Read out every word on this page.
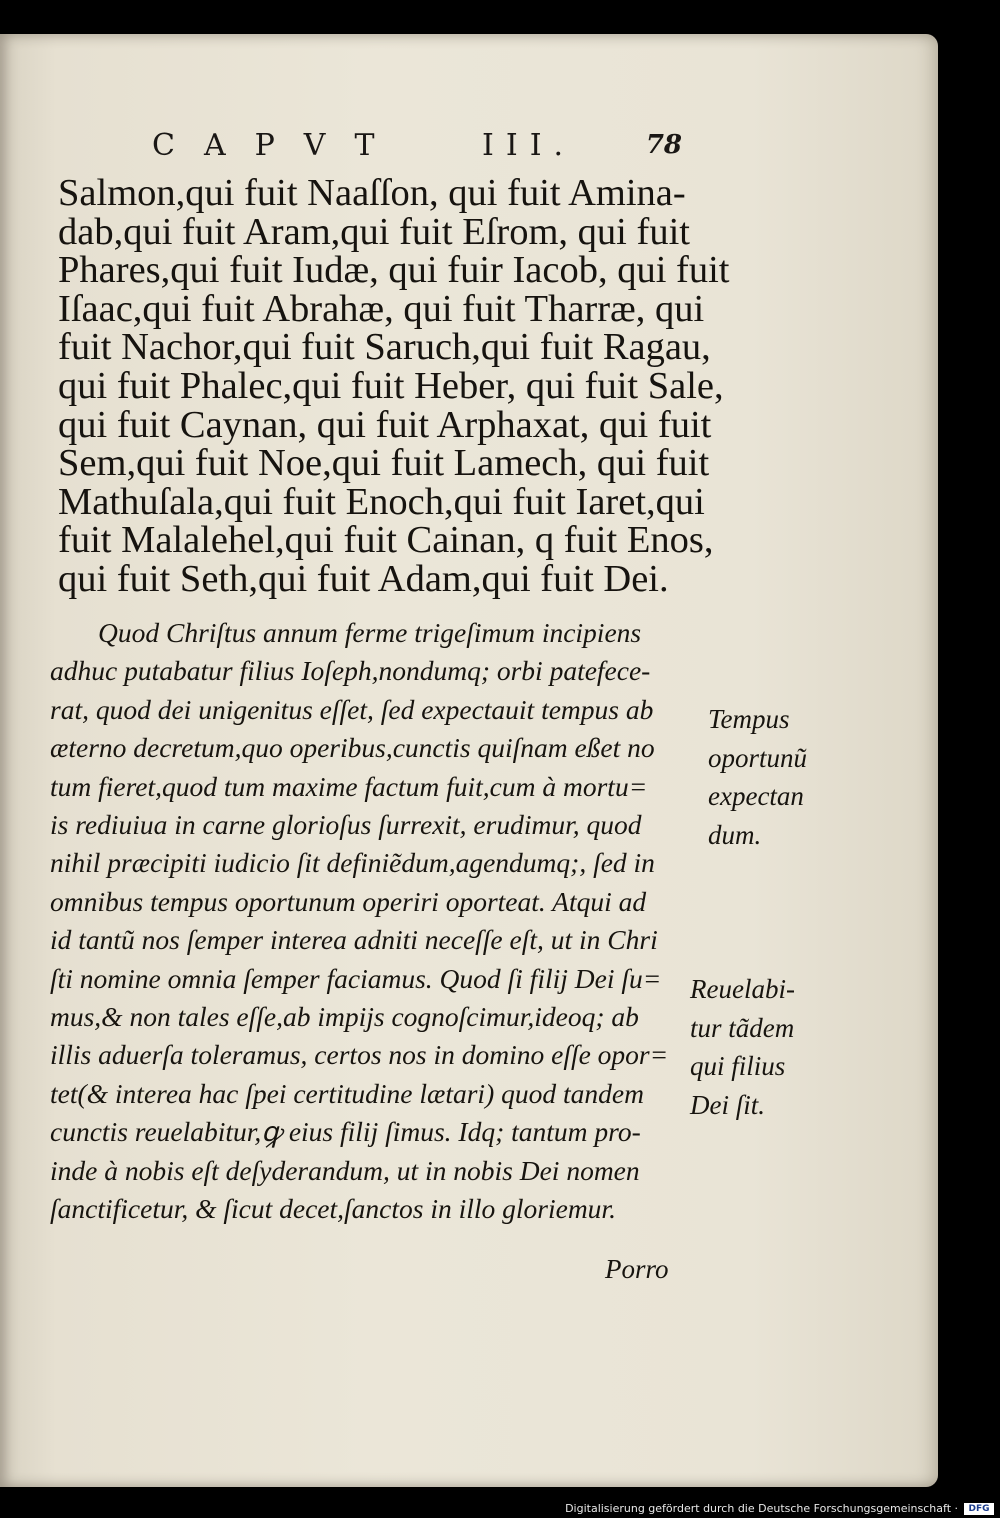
CAPVT	III.	78
Salmon,qui fuit Naaſſon, qui fuit Amina-
dab,qui fuit Aram,qui fuit Eſrom, qui fuit
Phares,qui fuit Iudæ, qui fuir Iacob, qui fuit
Iſaac,qui fuit Abrahæ, qui fuit Tharræ, qui
fuit Nachor,qui fuit Saruch,qui fuit Ragau,
qui fuit Phalec,qui fuit Heber, qui fuit Sale,
qui fuit Caynan, qui fuit Arphaxat, qui fuit
Sem,qui fuit Noe,qui fuit Lamech, qui fuit
Mathuſala,qui fuit Enoch,qui fuit Iaret,qui
fuit Malalehel,qui fuit Cainan, q fuit Enos,
qui fuit Seth,qui fuit Adam,qui fuit Dei.
Quod Chriſtus annum ferme trigeſimum incipiens
adhuc putabatur filius Ioſeph,nondumq; orbi patefece-
rat, quod dei unigenitus eſſet, ſed expectauit tempus ab
æterno decretum,quo operibus,cunctis quiſnam eßet no
tum fieret,quod tum maxime factum fuit,cum à mortu=
is rediuiua in carne glorioſus ſurrexit, erudimur, quod
nihil præcipiti iudicio ſit definiẽdum,agendumq;, ſed in
omnibus tempus oportunum operiri oporteat. Atqui ad
id tantũ nos ſemper interea adniti neceſſe eſt, ut in Chri
ſti nomine omnia ſemper faciamus. Quod ſi filij Dei ſu=
mus,& non tales eſſe,ab impijs cognoſcimur,ideoq; ab
illis aduerſa toleramus, certos nos in domino eſſe opor=
tet(& interea hac ſpei certitudine lætari) quod tandem
cunctis reuelabitur,ꝙ eius filij ſimus. Idq; tantum pro-
inde à nobis eſt deſyderandum, ut in nobis Dei nomen
ſanctificetur, & ſicut decet,ſanctos in illo gloriemur.
Tempus
oportunũ
expectan
dum.
Reuelabi-
tur tãdem
qui filius
Dei ſit.
Porro
Digitalisierung gefördert durch die Deutsche Forschungsgemeinschaft ·	DFG
